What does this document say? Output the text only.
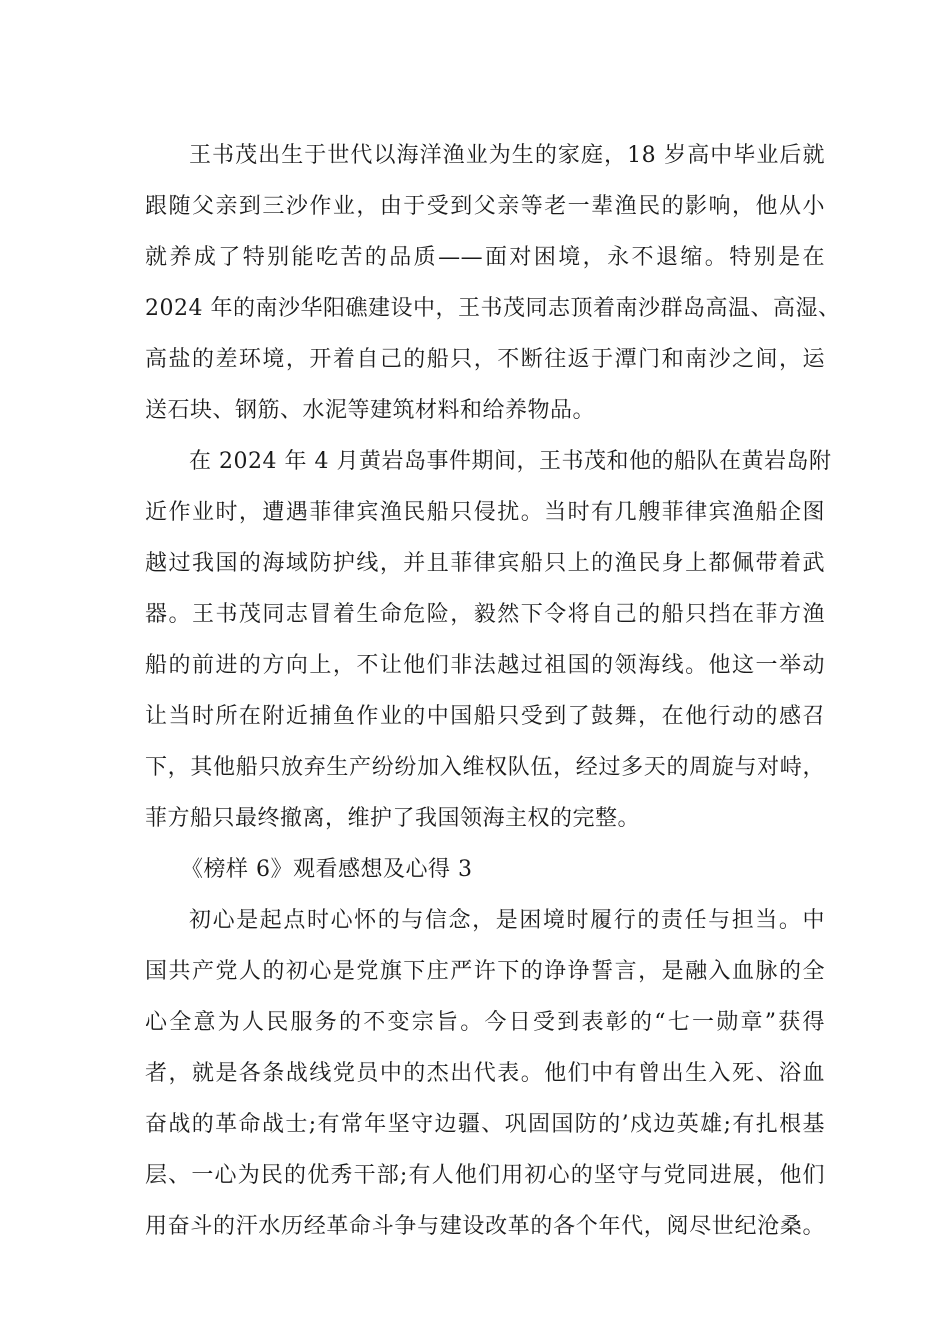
王书茂出生于世代以海洋渔业为生的家庭，18 岁高中毕业后就
跟随父亲到三沙作业，由于受到父亲等老一辈渔民的影响，他从小
就养成了特别能吃苦的品质——面对困境，永不退缩。特别是在
2024 年的南沙华阳礁建设中，王书茂同志顶着南沙群岛高温、高湿、
高盐的差环境，开着自己的船只，不断往返于潭门和南沙之间，运
送石块、钢筋、水泥等建筑材料和给养物品。
在 2024 年 4 月黄岩岛事件期间，王书茂和他的船队在黄岩岛附
近作业时，遭遇菲律宾渔民船只侵扰。当时有几艘菲律宾渔船企图
越过我国的海域防护线，并且菲律宾船只上的渔民身上都佩带着武
器。王书茂同志冒着生命危险，毅然下令将自己的船只挡在菲方渔
船的前进的方向上，不让他们非法越过祖国的领海线。他这一举动
让当时所在附近捕鱼作业的中国船只受到了鼓舞，在他行动的感召
下，其他船只放弃生产纷纷加入维权队伍，经过多天的周旋与对峙，
菲方船只最终撤离，维护了我国领海主权的完整。
《榜样 6》观看感想及心得 3
初心是起点时心怀的与信念，是困境时履行的责任与担当。中
国共产党人的初心是党旗下庄严许下的诤诤誓言，是融入血脉的全
心全意为人民服务的不变宗旨。今日受到表彰的“七一勋章”获得
者，就是各条战线党员中的杰出代表。他们中有曾出生入死、浴血
奋战的革命战士;有常年坚守边疆、巩固国防的’戍边英雄;有扎根基
层、一心为民的优秀干部;有人他们用初心的坚守与党同进展，他们
用奋斗的汗水历经革命斗争与建设改革的各个年代，阅尽世纪沧桑。
